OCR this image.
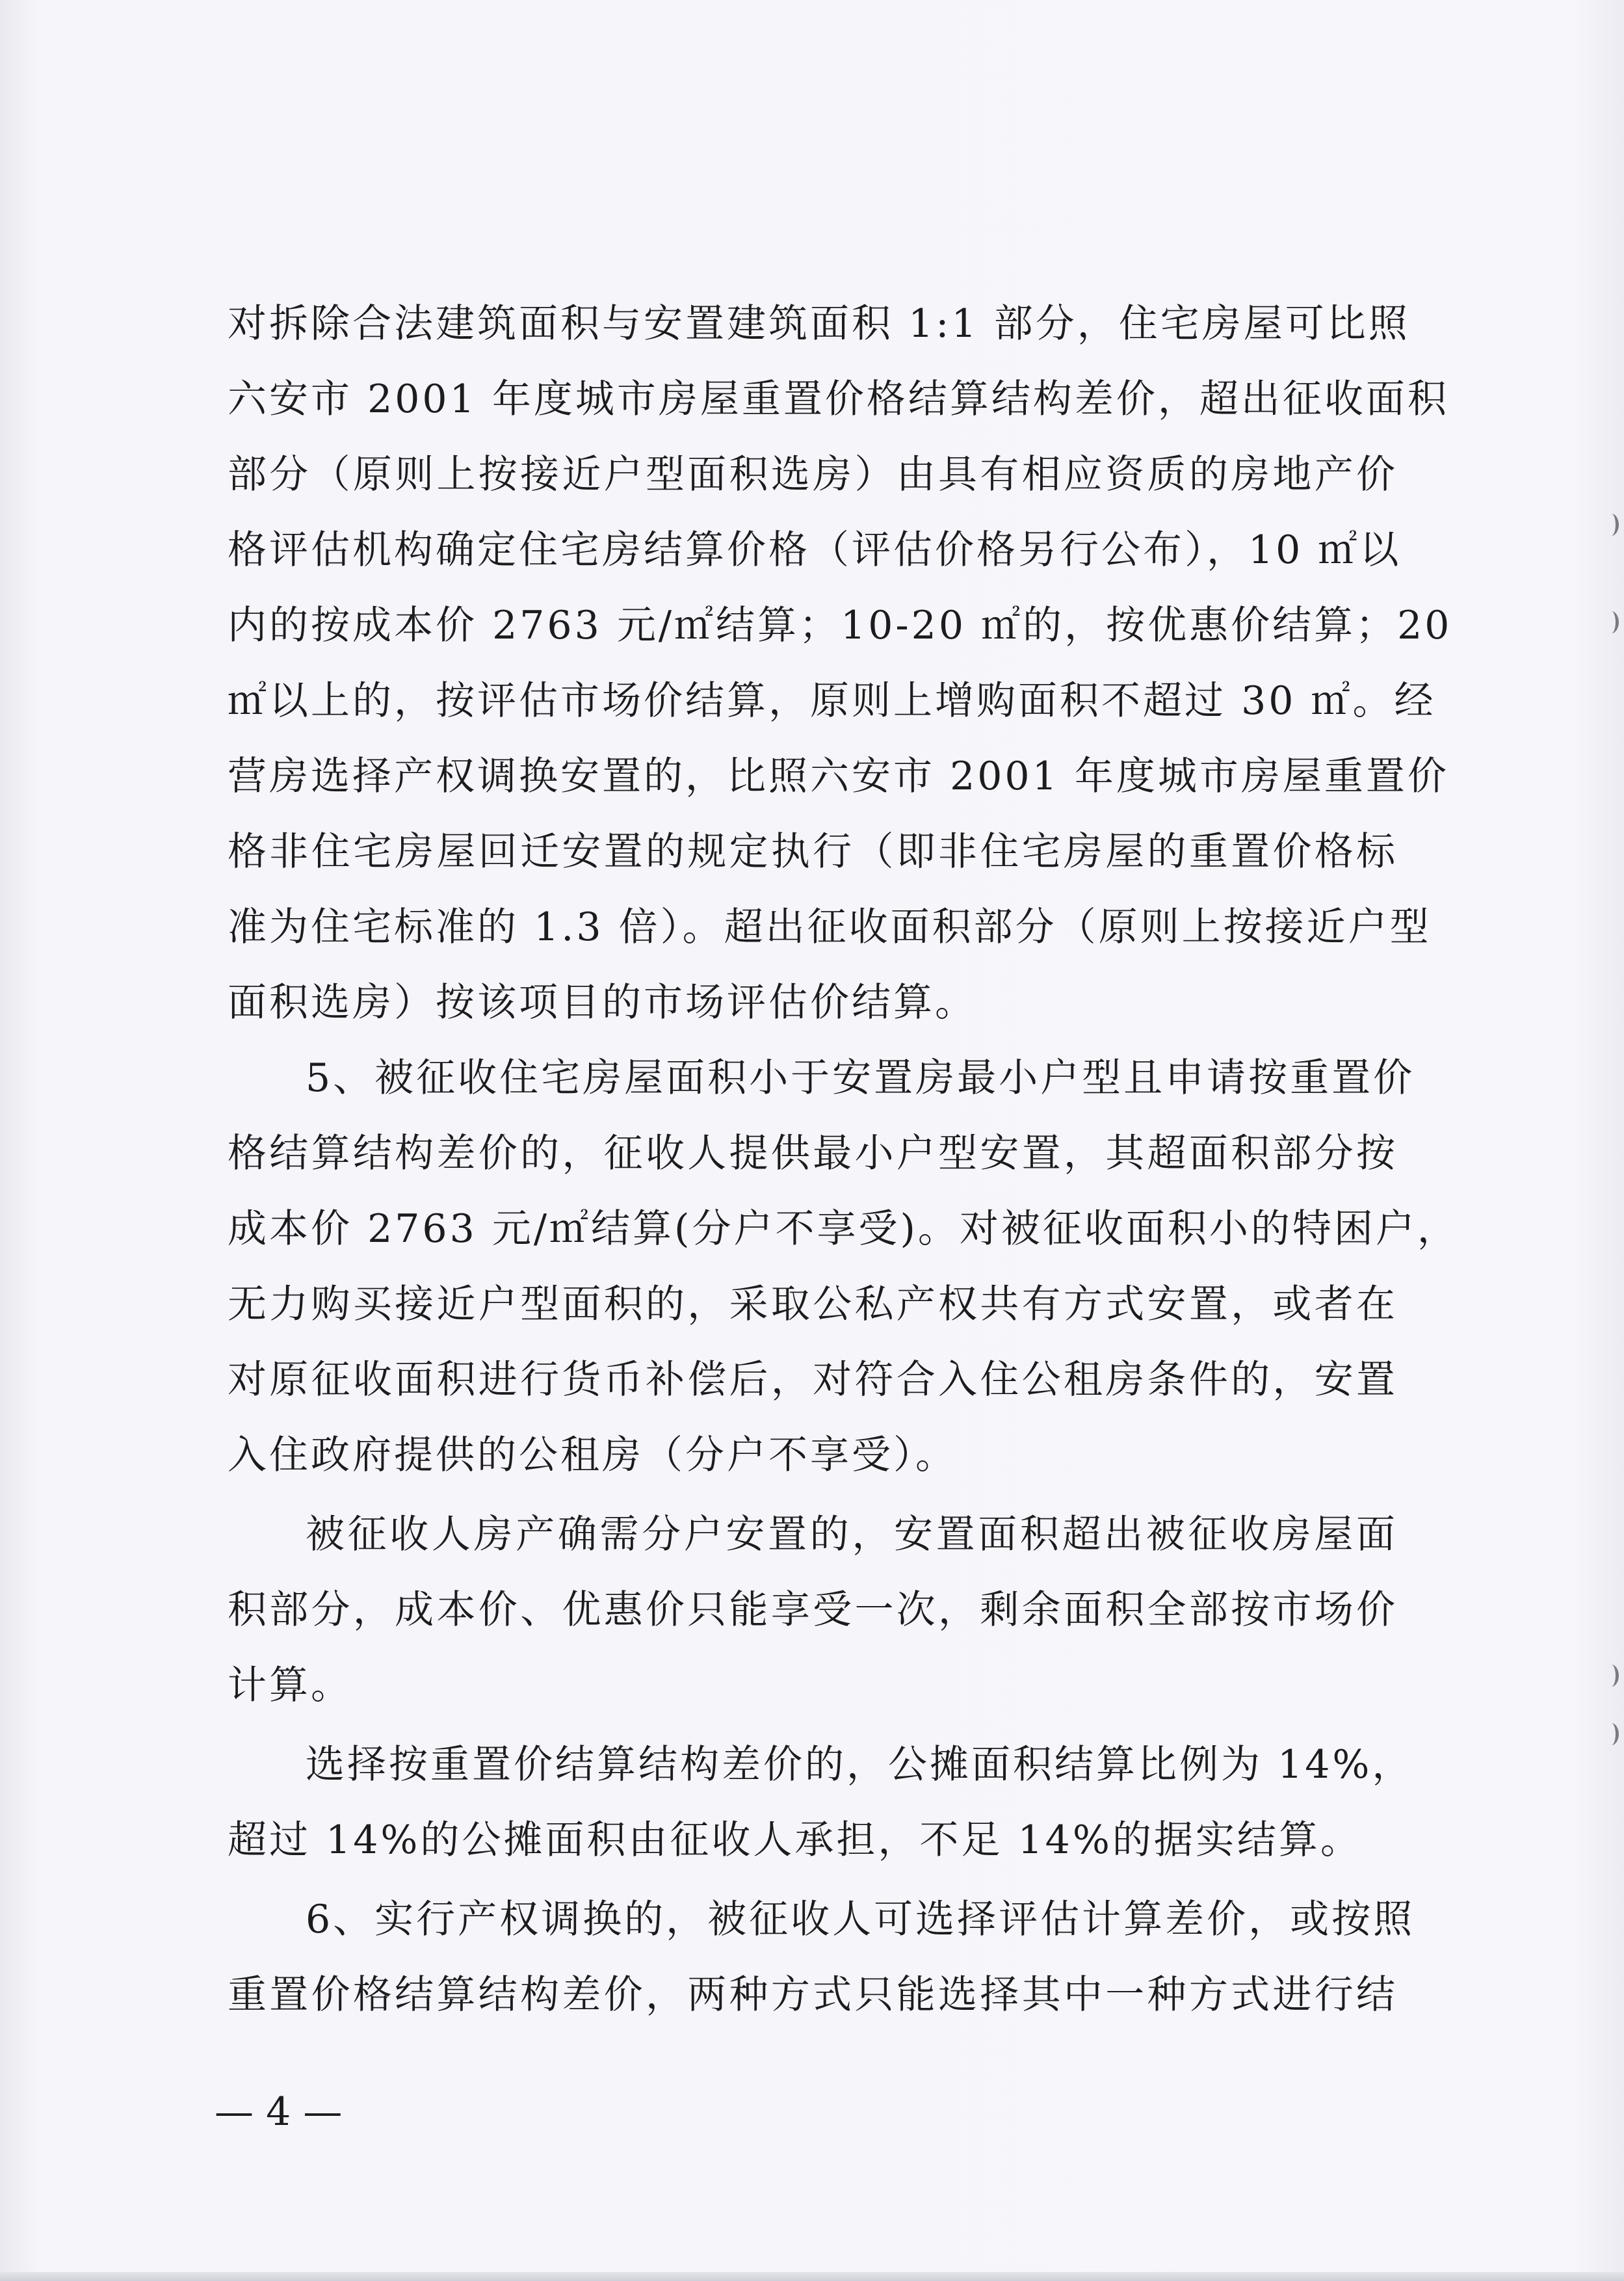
对拆除合法建筑面积与安置建筑面积 1:1 部分，住宅房屋可比照
六安市 2001 年度城市房屋重置价格结算结构差价，超出征收面积
部分（原则上按接近户型面积选房）由具有相应资质的房地产价
格评估机构确定住宅房结算价格（评估价格另行公布），10 ㎡以
内的按成本价 2763 元/㎡结算；10-20 ㎡的，按优惠价结算；20
㎡以上的，按评估市场价结算，原则上增购面积不超过 30 ㎡。经
营房选择产权调换安置的，比照六安市 2001 年度城市房屋重置价
格非住宅房屋回迁安置的规定执行（即非住宅房屋的重置价格标
准为住宅标准的 1.3 倍）。超出征收面积部分（原则上按接近户型
面积选房）按该项目的市场评估价结算。
5、被征收住宅房屋面积小于安置房最小户型且申请按重置价
格结算结构差价的，征收人提供最小户型安置，其超面积部分按
成本价 2763 元/㎡结算(分户不享受)。对被征收面积小的特困户，
无力购买接近户型面积的，采取公私产权共有方式安置，或者在
对原征收面积进行货币补偿后，对符合入住公租房条件的，安置
入住政府提供的公租房（分户不享受）。
被征收人房产确需分户安置的，安置面积超出被征收房屋面
积部分，成本价、优惠价只能享受一次，剩余面积全部按市场价
计算。
选择按重置价结算结构差价的，公摊面积结算比例为 14%，
超过 14%的公摊面积由征收人承担，不足 14%的据实结算。
6、实行产权调换的，被征收人可选择评估计算差价，或按照
重置价格结算结构差价，两种方式只能选择其中一种方式进行结
— 4 —
